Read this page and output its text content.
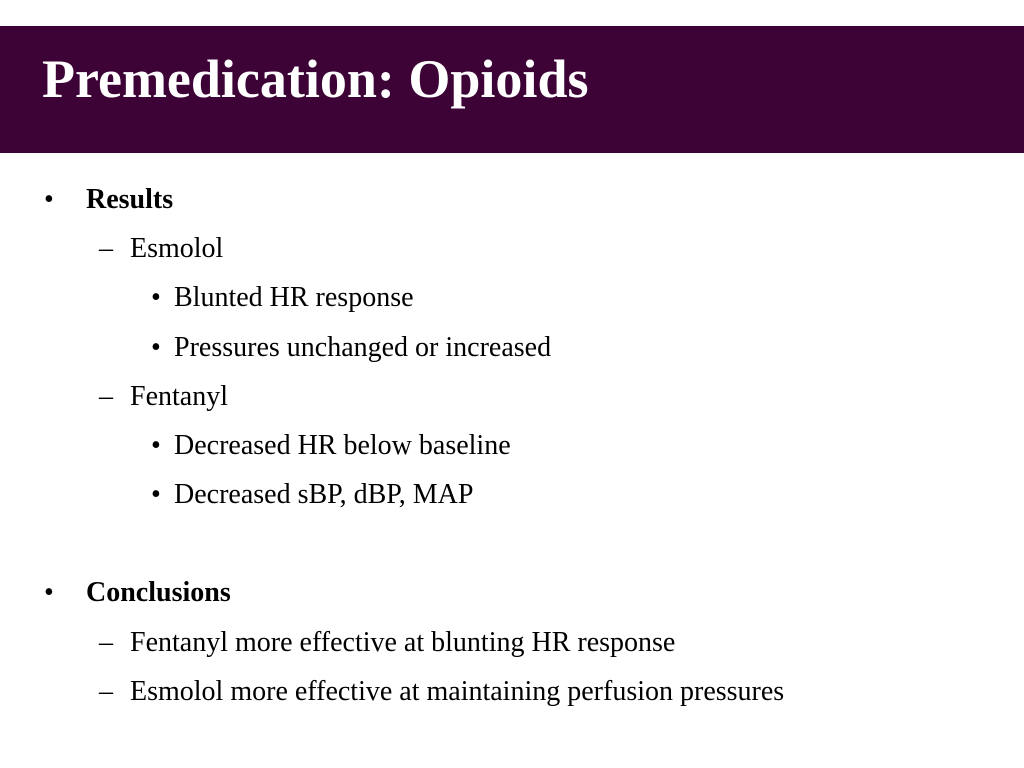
Premedication: Opioids
• Results
– Esmolol
• Blunted HR response
• Pressures unchanged or increased
– Fentanyl
• Decreased HR below baseline
• Decreased sBP, dBP, MAP
• Conclusions
– Fentanyl more effective at blunting HR response
– Esmolol more effective at maintaining perfusion pressures
